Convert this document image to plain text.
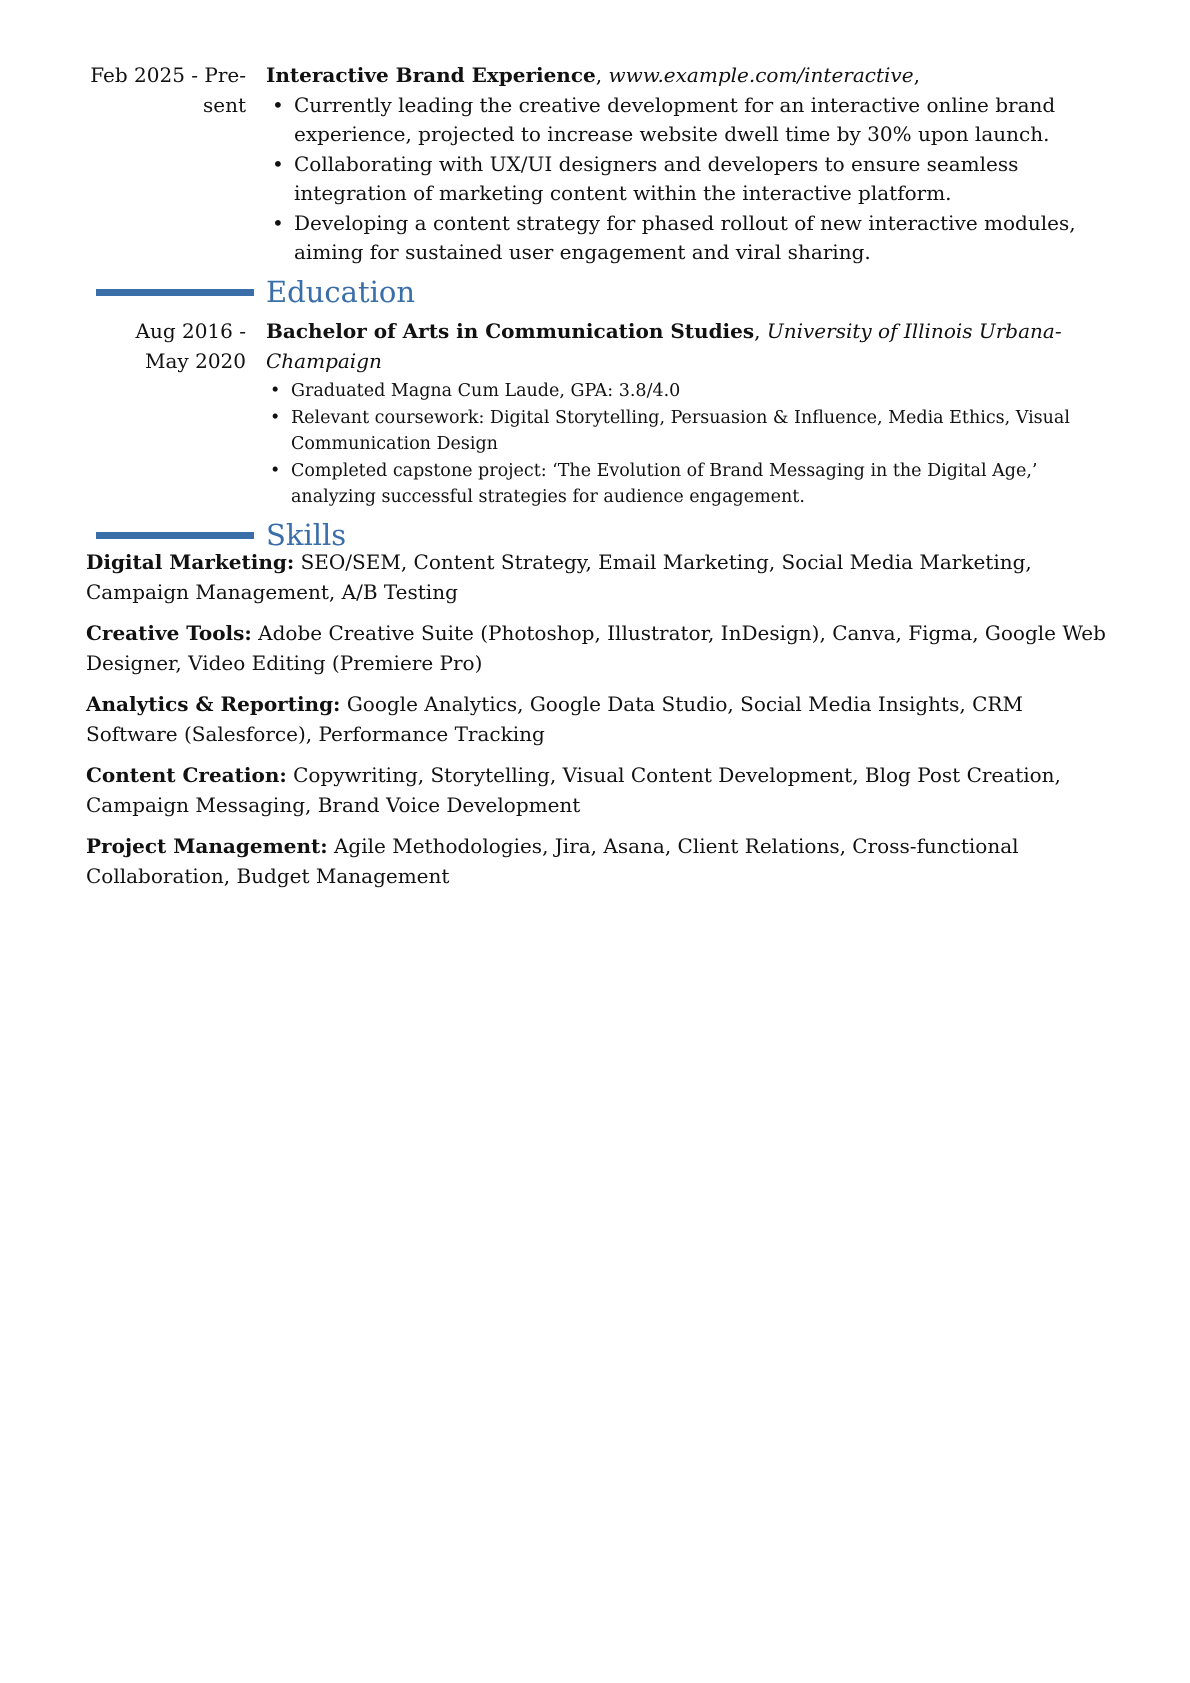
Feb 2025 - Pre-
sent
Interactive Brand Experience, www.example.com/interactive,
• Currently leading the creative development for an interactive online brand experience, projected to increase website dwell time by 30% upon launch.
• Collaborating with UX/UI designers and developers to ensure seamless integration of marketing content within the interactive platform.
• Developing a content strategy for phased rollout of new interactive modules, aiming for sustained user engagement and viral sharing.
Education
Aug 2016 -
May 2020
Bachelor of Arts in Communication Studies, University of Illinois Urbana-Champaign
• Graduated Magna Cum Laude, GPA: 3.8/4.0
• Relevant coursework: Digital Storytelling, Persuasion & Influence, Media Ethics, Visual Communication Design
• Completed capstone project: ‘The Evolution of Brand Messaging in the Digital Age,’ analyzing successful strategies for audience engagement.
Skills
Digital Marketing: SEO/SEM, Content Strategy, Email Marketing, Social Media Marketing, Campaign Management, A/B Testing
Creative Tools: Adobe Creative Suite (Photoshop, Illustrator, InDesign), Canva, Figma, Google Web Designer, Video Editing (Premiere Pro)
Analytics & Reporting: Google Analytics, Google Data Studio, Social Media Insights, CRM Software (Salesforce), Performance Tracking
Content Creation: Copywriting, Storytelling, Visual Content Development, Blog Post Creation, Campaign Messaging, Brand Voice Development
Project Management: Agile Methodologies, Jira, Asana, Client Relations, Cross-functional Collaboration, Budget Management
